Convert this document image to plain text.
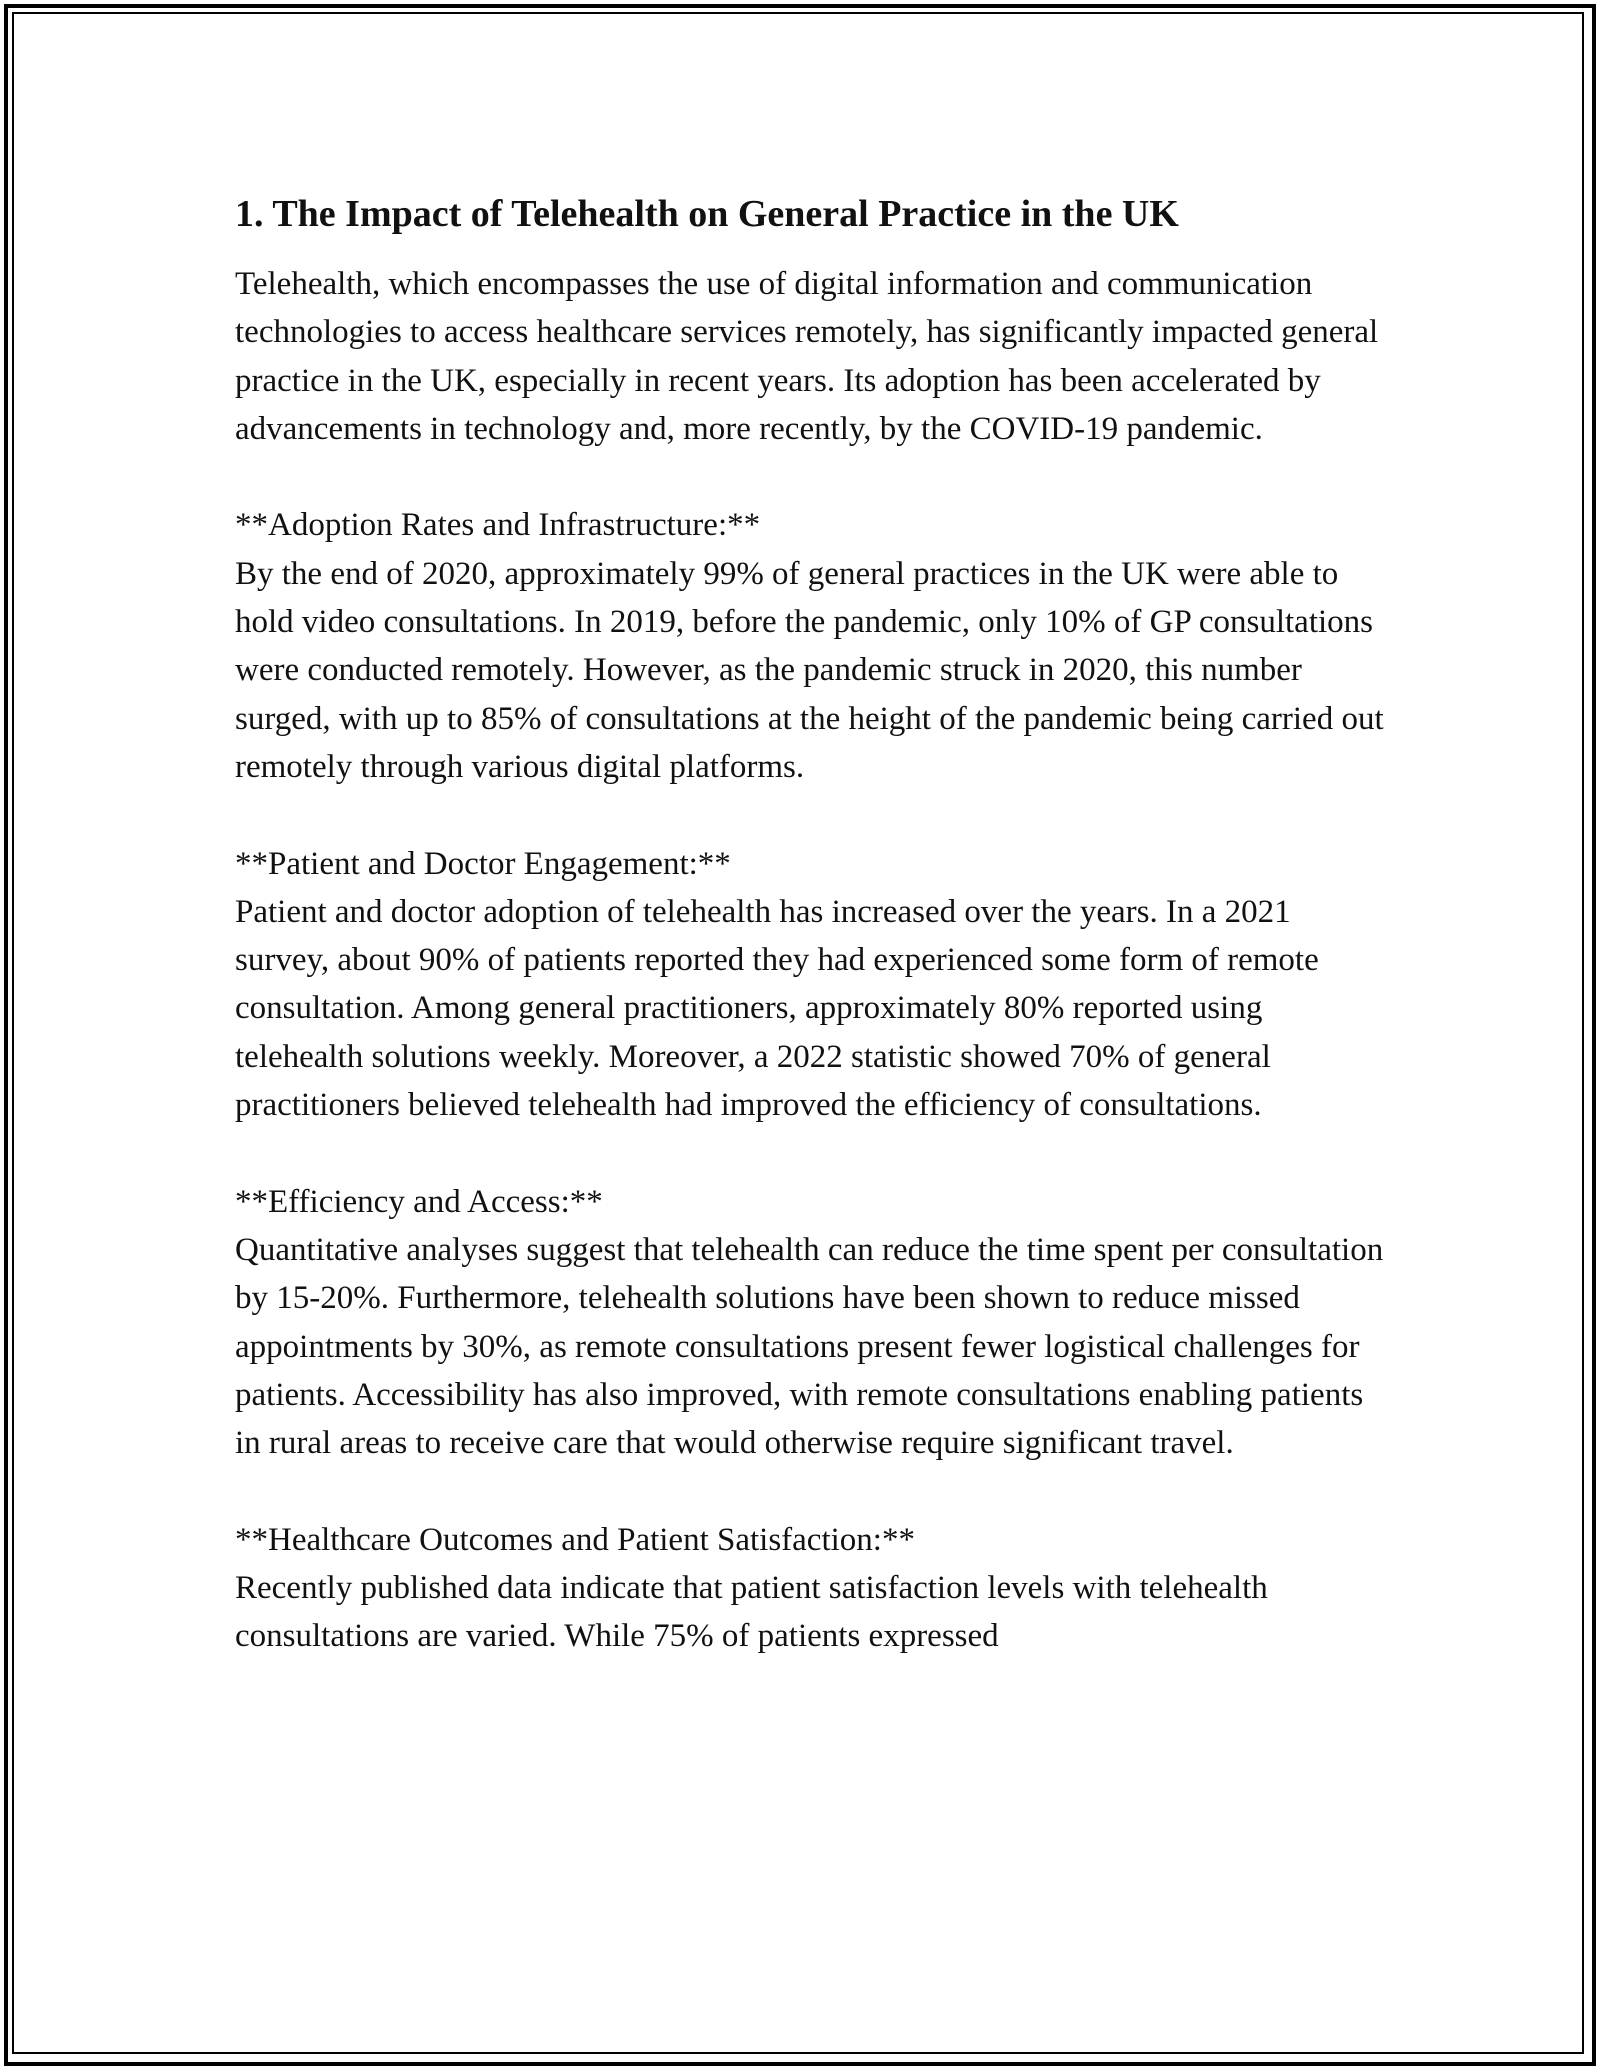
1. The Impact of Telehealth on General Practice in the UK

Telehealth, which encompasses the use of digital information and communication technologies to access healthcare services remotely, has significantly impacted general practice in the UK, especially in recent years. Its adoption has been accelerated by advancements in technology and, more recently, by the COVID-19 pandemic.

**Adoption Rates and Infrastructure:**

By the end of 2020, approximately 99% of general practices in the UK were able to hold video consultations. In 2019, before the pandemic, only 10% of GP consultations were conducted remotely. However, as the pandemic struck in 2020, this number surged, with up to 85% of consultations at the height of the pandemic being carried out remotely through various digital platforms.

**Patient and Doctor Engagement:**

Patient and doctor adoption of telehealth has increased over the years. In a 2021 survey, about 90% of patients reported they had experienced some form of remote consultation. Among general practitioners, approximately 80% reported using telehealth solutions weekly. Moreover, a 2022 statistic showed 70% of general practitioners believed telehealth had improved the efficiency of consultations.

**Efficiency and Access:**

Quantitative analyses suggest that telehealth can reduce the time spent per consultation by 15-20%. Furthermore, telehealth solutions have been shown to reduce missed appointments by 30%, as remote consultations present fewer logistical challenges for patients. Accessibility has also improved, with remote consultations enabling patients in rural areas to receive care that would otherwise require significant travel.

**Healthcare Outcomes and Patient Satisfaction:**

Recently published data indicate that patient satisfaction levels with telehealth consultations are varied. While 75% of patients expressed
